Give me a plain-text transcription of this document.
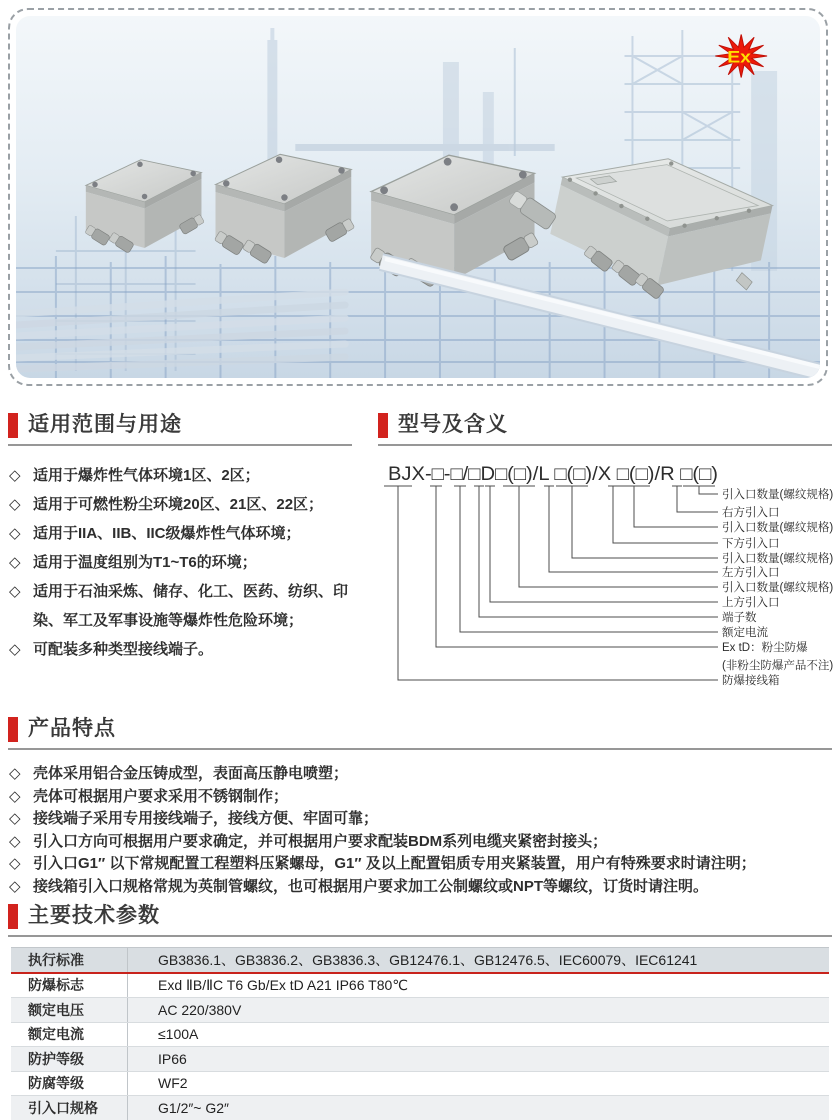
Ex
适用范围与用途
◇ 适用于爆炸性气体环境1区、2区；
◇ 适用于可燃性粉尘环境20区、21区、22区；
◇ 适用于IIA、IIB、IIC级爆炸性气体环境；
◇ 适用于温度组别为T1~T6的环境；
◇ 适用于石油采炼、储存、化工、医药、纺织、印染、军工及军事设施等爆炸性危险环境；
◇ 可配装多种类型接线端子。
型号及含义
BJX-□-□/□D□(□)/L □(□)/X □(□)/R □(□)
引入口数量(螺纹规格)
右方引入口
引入口数量(螺纹规格)
下方引入口
引入口数量(螺纹规格)
左方引入口
引入口数量(螺纹规格)
上方引入口
端子数
额定电流
Ex tD：粉尘防爆
(非粉尘防爆产品不注)
防爆接线箱
产品特点
◇ 壳体采用铝合金压铸成型，表面高压静电喷塑；
◇ 壳体可根据用户要求采用不锈钢制作；
◇ 接线端子采用专用接线端子，接线方便、牢固可靠；
◇ 引入口方向可根据用户要求确定，并可根据用户要求配装BDM系列电缆夹紧密封接头；
◇ 引入口G1″ 以下常规配置工程塑料压紧螺母，G1″ 及以上配置铝质专用夹紧装置，用户有特殊要求时请注明；
◇ 接线箱引入口规格常规为英制管螺纹，也可根据用户要求加工公制螺纹或NPT等螺纹，订货时请注明。
主要技术参数
执行标准	GB3836.1、GB3836.2、GB3836.3、GB12476.1、GB12476.5、IEC60079、IEC61241
防爆标志	Exd ⅡB/ⅡC T6 Gb/Ex tD A21 IP66 T80℃
额定电压	AC 220/380V
额定电流	≤100A
防护等级	IP66
防腐等级	WF2
引入口规格	G1/2″~ G2″
